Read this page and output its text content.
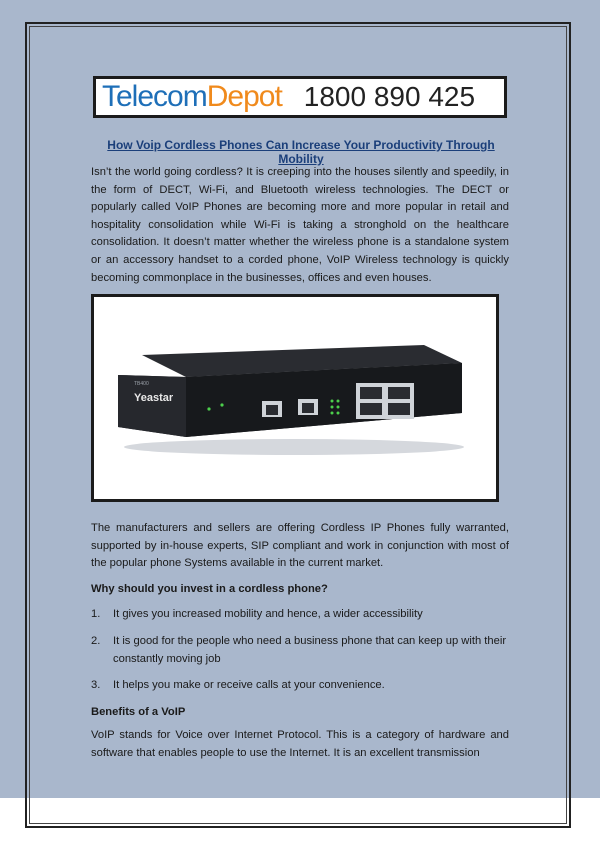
Telecom Depot 1800 890 425
How Voip Cordless Phones Can Increase Your Productivity Through Mobility

Isn’t the world going cordless? It is creeping into the houses silently and speedily, in the form of DECT, Wi-Fi, and Bluetooth wireless technologies. The DECT or popularly called VoIP Phones are becoming more and more popular in retail and hospitality consolidation while Wi-Fi is taking a stronghold on the healthcare consolidation. It doesn’t matter whether the wireless phone is a standalone system or an accessory handset to a corded phone, VoIP Wireless technology is quickly becoming commonplace in the businesses, offices and even houses.

Yeastar
TB400

The manufacturers and sellers are offering Cordless IP Phones fully warranted, supported by in-house experts, SIP compliant and work in conjunction with most of the popular phone Systems available in the current market.

Why should you invest in a cordless phone?
1.	It gives you increased mobility and hence, a wider accessibility
2.	It is good for the people who need a business phone that can keep up with their constantly moving job
3.	It helps you make or receive calls at your convenience.
Benefits of a VoIP

VoIP stands for Voice over Internet Protocol. This is a category of hardware and software that enables people to use the Internet. It is an excellent transmission
